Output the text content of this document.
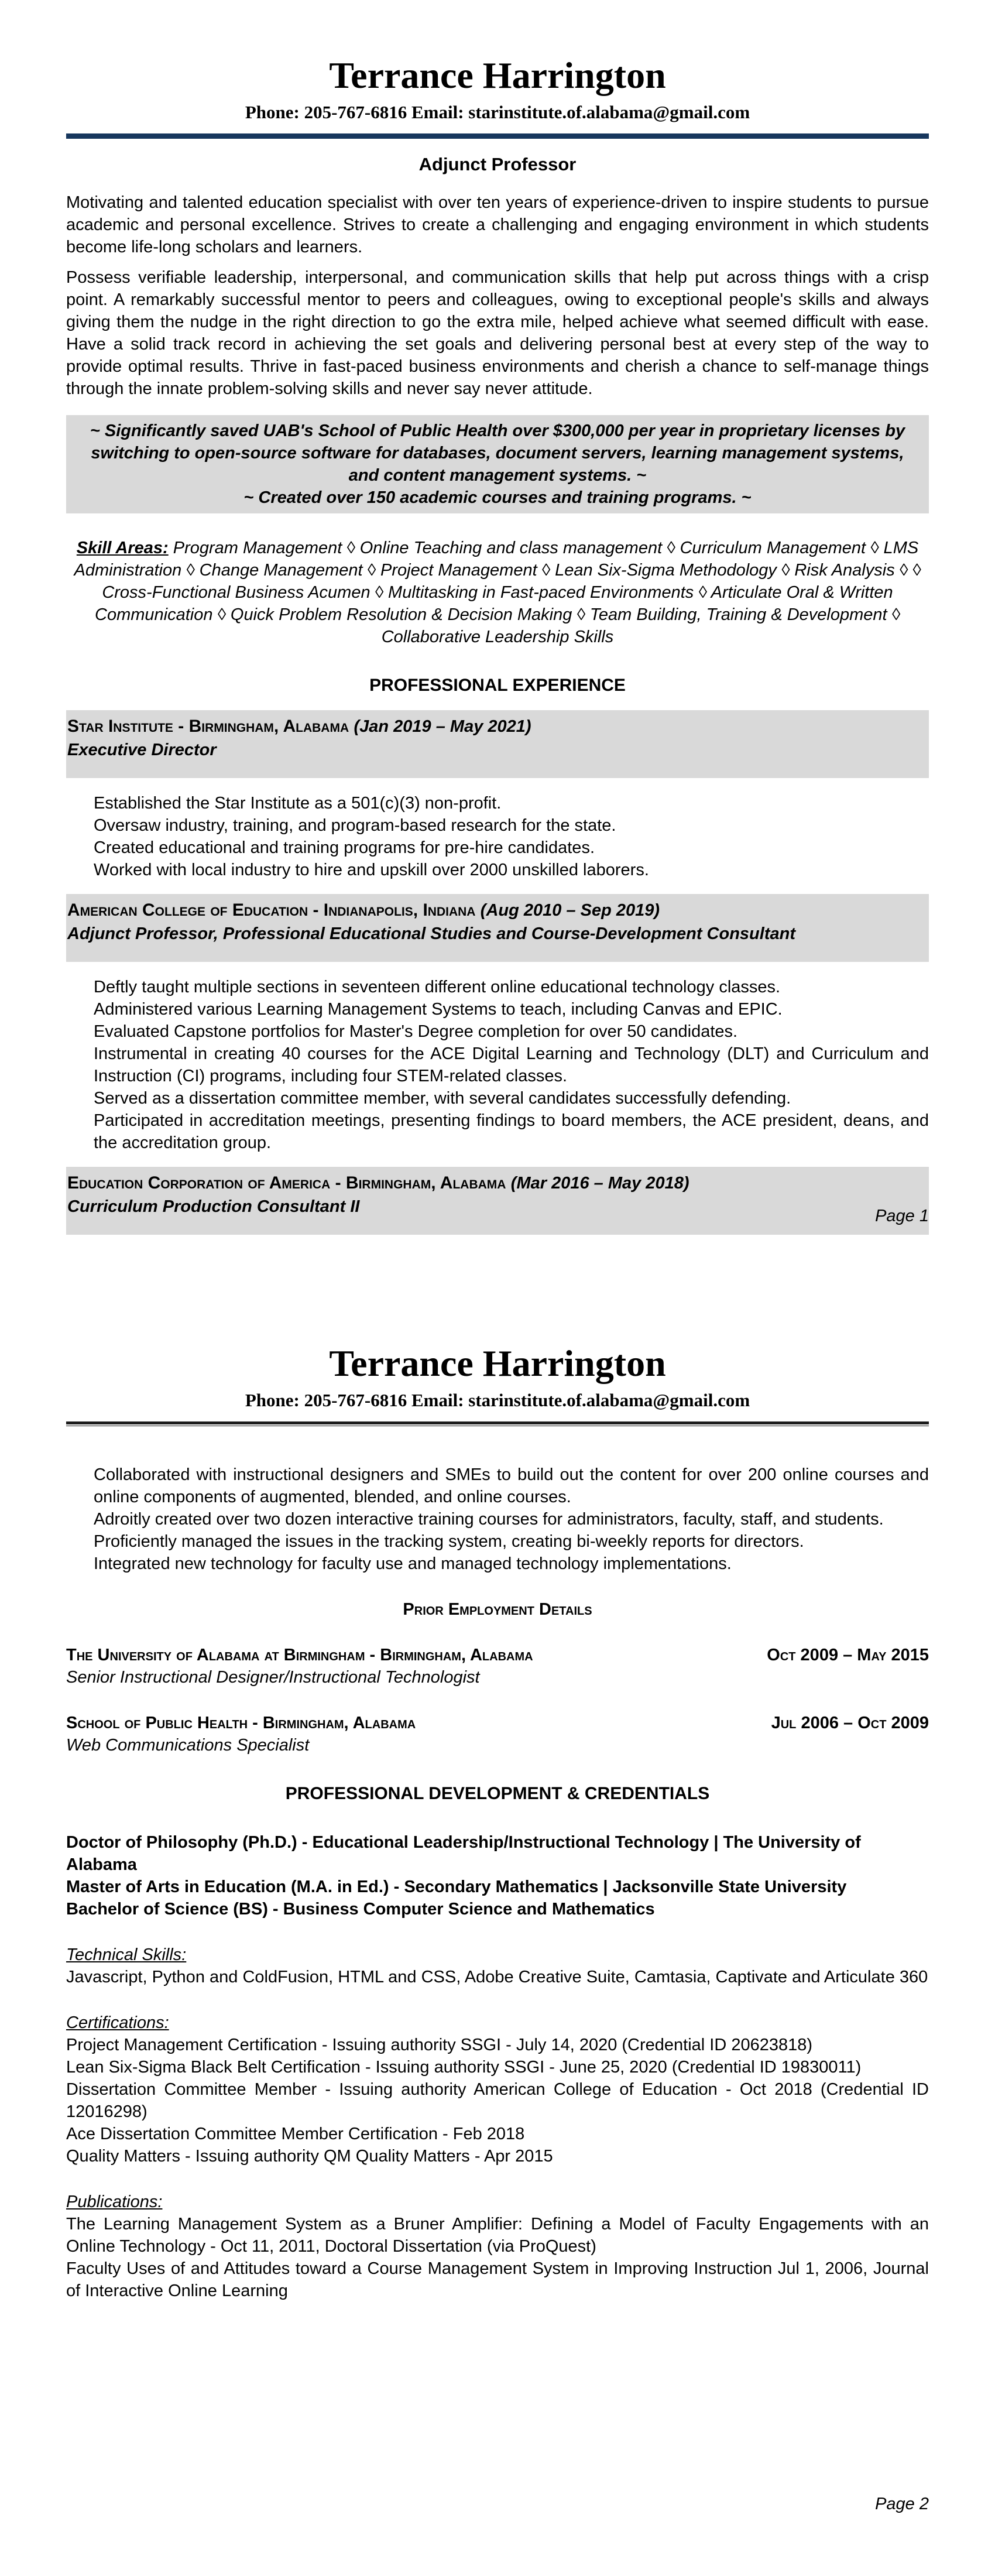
Terrance Harrington
Phone: 205-767-6816 Email: starinstitute.of.alabama@gmail.com
Adjunct Professor

Motivating and talented education specialist with over ten years of experience-driven to inspire students to pursue academic and personal excellence. Strives to create a challenging and engaging environment in which students become life-long scholars and learners.

Possess verifiable leadership, interpersonal, and communication skills that help put across things with a crisp point. A remarkably successful mentor to peers and colleagues, owing to exceptional people's skills and always giving them the nudge in the right direction to go the extra mile, helped achieve what seemed difficult with ease. Have a solid track record in achieving the set goals and delivering personal best at every step of the way to provide optimal results. Thrive in fast-paced business environments and cherish a chance to self-manage things through the innate problem-solving skills and never say never attitude.

~ Significantly saved UAB's School of Public Health over $300,000 per year in proprietary licenses by switching to open-source software for databases, document servers, learning management systems, and content management systems. ~

~ Created over 150 academic courses and training programs. ~

Skill Areas: Program Management ◊ Online Teaching and class management ◊ Curriculum Management ◊ LMS Administration ◊ Change Management ◊ Project Management ◊ Lean Six-Sigma Methodology ◊ Risk Analysis ◊ ◊ Cross-Functional Business Acumen ◊ Multitasking in Fast-paced Environments ◊ Articulate Oral & Written Communication ◊ Quick Problem Resolution & Decision Making ◊ Team Building, Training & Development ◊ Collaborative Leadership Skills
PROFESSIONAL EXPERIENCE
Star Institute - Birmingham, Alabama (Jan 2019 – May 2021)

Executive Director

Established the Star Institute as a 501(c)(3) non-profit.
Oversaw industry, training, and program-based research for the state.
Created educational and training programs for pre-hire candidates.
Worked with local industry to hire and upskill over 2000 unskilled laborers.
American College of Education - Indianapolis, Indiana (Aug 2010 – Sep 2019)

Adjunct Professor, Professional Educational Studies and Course-Development Consultant

Deftly taught multiple sections in seventeen different online educational technology classes.
Administered various Learning Management Systems to teach, including Canvas and EPIC.
Evaluated Capstone portfolios for Master's Degree completion for over 50 candidates.
Instrumental in creating 40 courses for the ACE Digital Learning and Technology (DLT) and Curriculum and Instruction (CI) programs, including four STEM-related classes.
Served as a dissertation committee member, with several candidates successfully defending.
Participated in accreditation meetings, presenting findings to board members, the ACE president, deans, and the accreditation group.
Education Corporation of America - Birmingham, Alabama (Mar 2016 – May 2018)

Curriculum Production Consultant II	Page 1
Terrance Harrington
Phone: 205-767-6816 Email: starinstitute.of.alabama@gmail.com
Collaborated with instructional designers and SMEs to build out the content for over 200 online courses and online components of augmented, blended, and online courses.
Adroitly created over two dozen interactive training courses for administrators, faculty, staff, and students.
Proficiently managed the issues in the tracking system, creating bi-weekly reports for directors.
Integrated new technology for faculty use and managed technology implementations.
Prior Employment Details
The University of Alabama at Birmingham - Birmingham, Alabama	Oct 2009 – May 2015

Senior Instructional Designer/Instructional Technologist

School of Public Health - Birmingham, Alabama	Jul 2006 – Oct 2009

Web Communications Specialist

PROFESSIONAL DEVELOPMENT & CREDENTIALS
Doctor of Philosophy (Ph.D.) - Educational Leadership/Instructional Technology | The University of Alabama
Master of Arts in Education (M.A. in Ed.) - Secondary Mathematics | Jacksonville State University
Bachelor of Science (BS) - Business Computer Science and Mathematics
Technical Skills:
Javascript, Python and ColdFusion, HTML and CSS, Adobe Creative Suite, Camtasia, Captivate and Articulate 360
Certifications:
Project Management Certification - Issuing authority SSGI - July 14, 2020 (Credential ID 20623818)
Lean Six-Sigma Black Belt Certification - Issuing authority SSGI - June 25, 2020 (Credential ID 19830011)
Dissertation Committee Member - Issuing authority American College of Education - Oct 2018 (Credential ID 12016298)
Ace Dissertation Committee Member Certification - Feb 2018
Quality Matters - Issuing authority QM Quality Matters - Apr 2015
Publications:
The Learning Management System as a Bruner Amplifier: Defining a Model of Faculty Engagements with an Online Technology - Oct 11, 2011, Doctoral Dissertation (via ProQuest)
Faculty Uses of and Attitudes toward a Course Management System in Improving Instruction Jul 1, 2006, Journal of Interactive Online Learning
Page 2
